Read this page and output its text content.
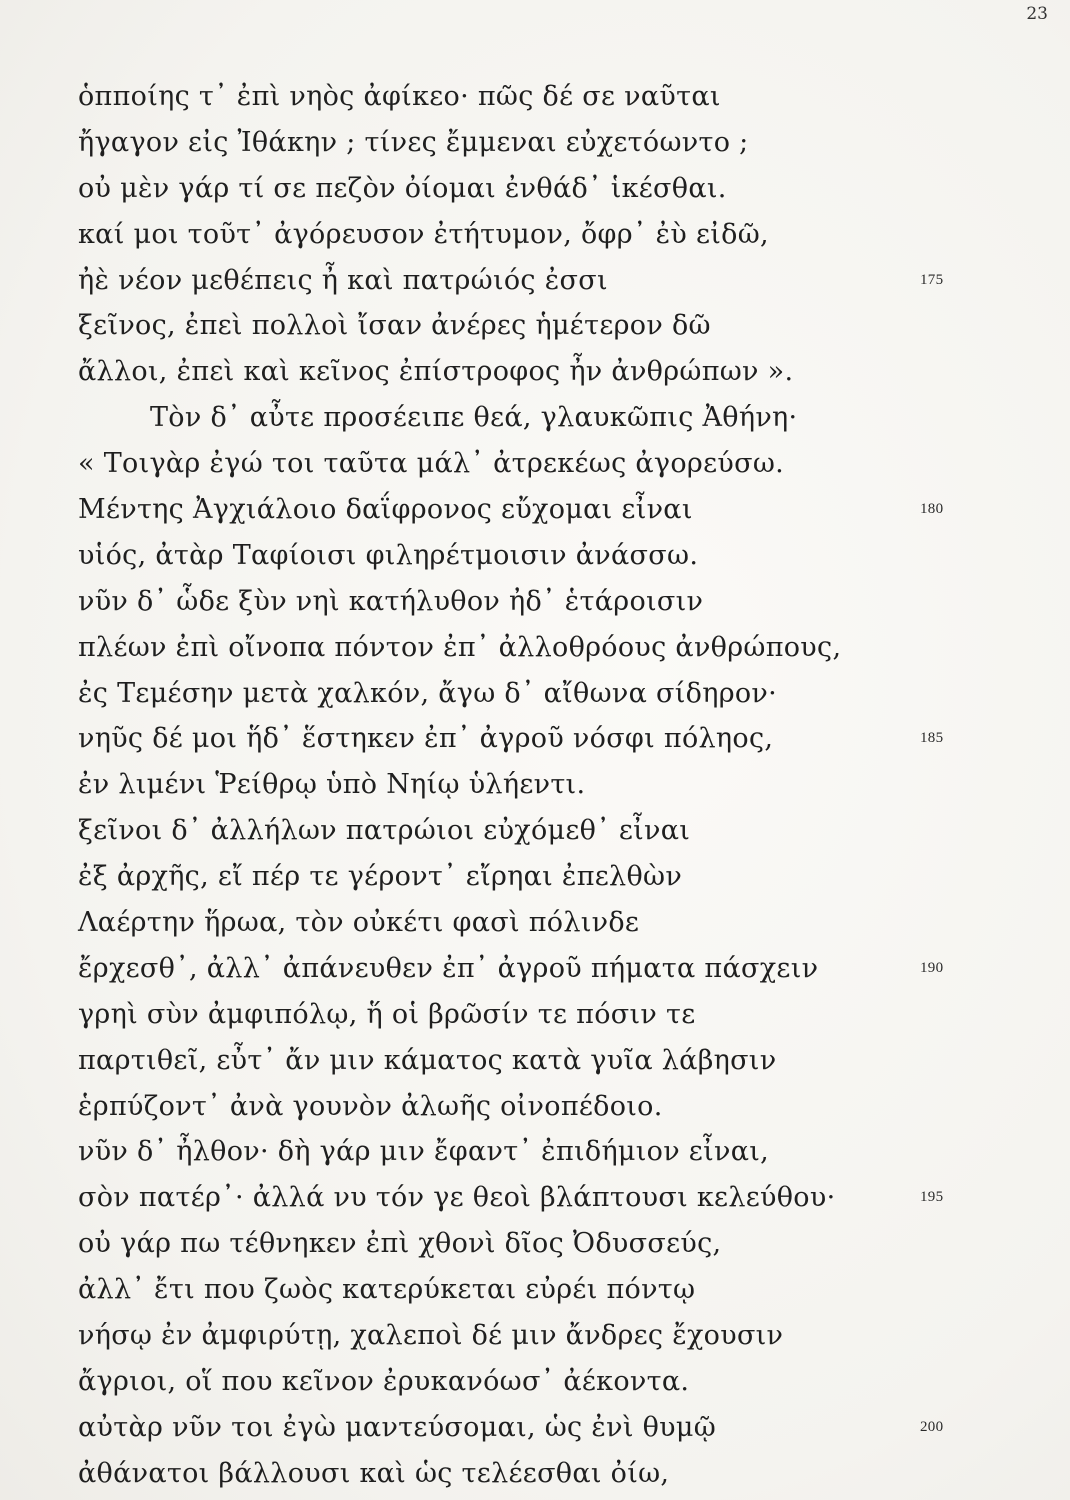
23
ὁπποίης τ᾽ ἐπὶ νηὸς ἀφίκεο· πῶς δέ σε ναῦται
ἤγαγον εἰς Ἰθάκην ; τίνες ἔμμεναι εὐχετόωντο ;
οὐ μὲν γάρ τί σε πεζὸν ὀίομαι ἐνθάδ᾽ ἱκέσθαι.
καί μοι τοῦτ᾽ ἀγόρευσον ἐτήτυμον, ὄφρ᾽ ἐὺ εἰδῶ,
ἠὲ νέον μεθέπεις ἦ καὶ πατρώιός ἐσσι	175
ξεῖνος, ἐπεὶ πολλοὶ ἴσαν ἀνέρες ἡμέτερον δῶ
ἄλλοι, ἐπεὶ καὶ κεῖνος ἐπίστροφος ἦν ἀνθρώπων ».
Τὸν δ᾽ αὖτε προσέειπε θεά, γλαυκῶπις Ἀθήνη·
« Τοιγὰρ ἐγώ τοι ταῦτα μάλ᾽ ἀτρεκέως ἀγορεύσω.
Μέντης Ἀγχιάλοιο δαΐφρονος εὔχομαι εἶναι	180
υἱός, ἀτὰρ Ταφίοισι φιληρέτμοισιν ἀνάσσω.
νῦν δ᾽ ὧδε ξὺν νηὶ κατήλυθον ἠδ᾽ ἑτάροισιν
πλέων ἐπὶ οἴνοπα πόντον ἐπ᾽ ἀλλοθρόους ἀνθρώπους,
ἐς Τεμέσην μετὰ χαλκόν, ἄγω δ᾽ αἴθωνα σίδηρον·
νηῦς δέ μοι ἥδ᾽ ἕστηκεν ἐπ᾽ ἀγροῦ νόσφι πόληος,	185
ἐν λιμένι Ῥείθρῳ ὑπὸ Νηίῳ ὑλήεντι.
ξεῖνοι δ᾽ ἀλλήλων πατρώιοι εὐχόμεθ᾽ εἶναι
ἐξ ἀρχῆς, εἴ πέρ τε γέροντ᾽ εἴρηαι ἐπελθὼν
Λαέρτην ἥρωα, τὸν οὐκέτι φασὶ πόλινδε
ἔρχεσθ᾽, ἀλλ᾽ ἀπάνευθεν ἐπ᾽ ἀγροῦ πήματα πάσχειν	190
γρηὶ σὺν ἀμφιπόλῳ, ἥ οἱ βρῶσίν τε πόσιν τε
παρτιθεῖ, εὖτ᾽ ἄν μιν κάματος κατὰ γυῖα λάβησιν
ἑρπύζοντ᾽ ἀνὰ γουνὸν ἀλωῆς οἰνοπέδοιο.
νῦν δ᾽ ἦλθον· δὴ γάρ μιν ἔφαντ᾽ ἐπιδήμιον εἶναι,
σὸν πατέρ᾽· ἀλλά νυ τόν γε θεοὶ βλάπτουσι κελεύθου·	195
οὐ γάρ πω τέθνηκεν ἐπὶ χθονὶ δῖος Ὀδυσσεύς,
ἀλλ᾽ ἔτι που ζωὸς κατερύκεται εὐρέι πόντῳ
νήσῳ ἐν ἀμφιρύτῃ, χαλεποὶ δέ μιν ἄνδρες ἔχουσιν
ἄγριοι, οἵ που κεῖνον ἐρυκανόωσ᾽ ἀέκοντα.
αὐτὰρ νῦν τοι ἐγὼ μαντεύσομαι, ὡς ἐνὶ θυμῷ	200
ἀθάνατοι βάλλουσι καὶ ὡς τελέεσθαι ὀίω,
